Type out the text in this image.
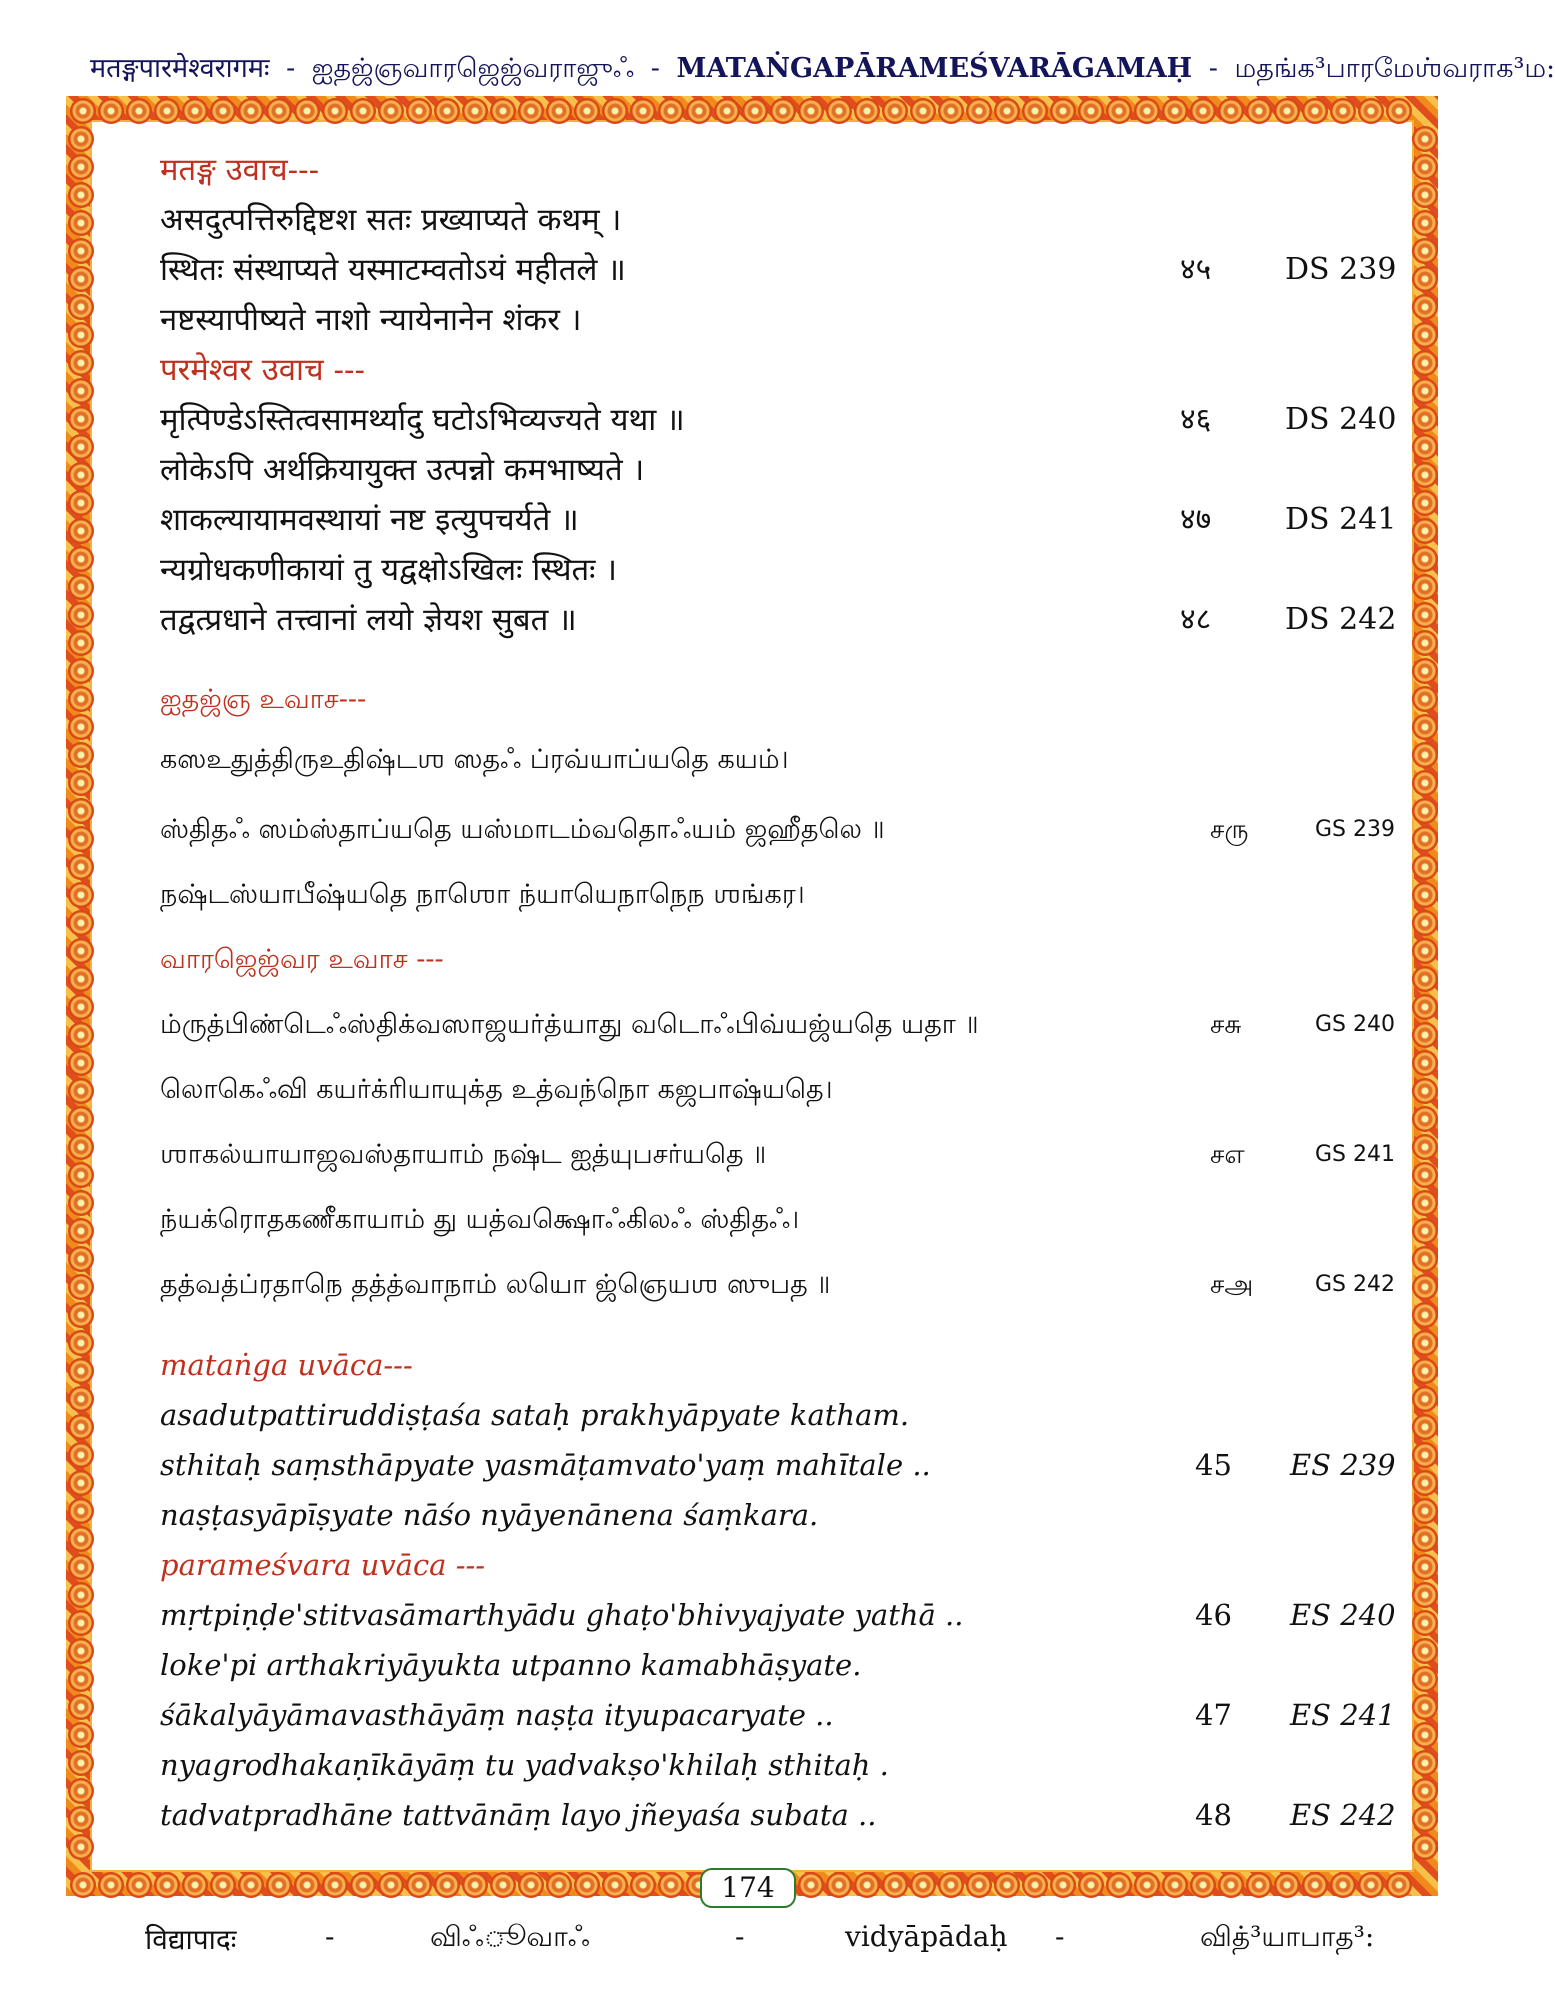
मतङ्गपारमेश्वरागमः - ஐதஜ்ஞவாரஜெஜ்வராஜுஃ - MATAṄGAPĀRAMEŚVARĀGAMAḤ - மதங்க³பாரமேஶ்வராக³ம:
मतङ्ग उवाच---
असदुत्पत्तिरुद्दिष्टश सतः प्रख्याप्यते कथम् ।
स्थितः संस्थाप्यते यस्माटम्वतोऽयं महीतले ॥	४५ DS 239
नष्टस्यापीष्यते नाशो न्यायेनानेन शंकर ।
परमेश्वर उवाच ---
मृत्पिण्डेऽस्तित्वसामर्थ्यादु घटोऽभिव्यज्यते यथा ॥	४६ DS 240
लोकेऽपि अर्थक्रियायुक्त उत्पन्नो कमभाष्यते ।
शाकल्यायामवस्थायां नष्ट इत्युपचर्यते ॥	४७ DS 241
न्यग्रोधकणीकायां तु यद्वक्षोऽखिलः स्थितः ।
तद्वत्प्रधाने तत्त्वानां लयो ज्ञेयश सुबत ॥	४८ DS 242
ஐதஜ்ஞ உவாச---
கஸஉதுத்திருஉதிஷ்டஶ ஸதஃ ப்ரவ்யாப்யதெ கயம்।
ஸ்திதஃ ஸம்ஸ்தாப்யதெ யஸ்மாடம்வதொஃயம் ஜஹீதலெ ॥	சரு	GS 239
நஷ்டஸ்யாபீஷ்யதெ நாஶொ ந்யாயெநாநெந ஶங்கர।
வாரஜெஜ்வர உவாச ---
ம்ருத்பிண்டெஃஸ்திக்வஸாஜயர்த்யாது வடொஃபிவ்யஜ்யதெ யதா ॥	சசு	GS 240
லொகெஃவி கயர்க்ரியாயுக்த உத்வந்நொ கஜபாஷ்யதெ।
ஶாகல்யாயாஜவஸ்தாயாம் நஷ்ட ஐத்யுபசர்யதெ ॥	சஎ	GS 241
ந்யக்ரொதகணீகாயாம் து யத்வக்ஷொஃகிலஃ ஸ்திதஃ।
தத்வத்ப்ரதாநெ தத்த்வாநாம் லயொ ஜ்ஞெயஶ ஸுபத ॥	சஅ	GS 242
mataṅga uvāca---
asadutpattiruddiṣṭaśa sataḥ prakhyāpyate katham.
sthitaḥ saṃsthāpyate yasmāṭamvato'yaṃ mahītale ..	45 ES 239
naṣṭasyāpīṣyate nāśo nyāyenānena śaṃkara.
parameśvara uvāca ---
mṛtpiṇḍe'stitvasāmarthyādu ghaṭo'bhivyajyate yathā ..	46 ES 240
loke'pi arthakriyāyukta utpanno kamabhāṣyate.
śākalyāyāmavasthāyāṃ naṣṭa ityupacaryate ..	47 ES 241
nyagrodhakaṇīkāyāṃ tu yadvakṣo'khilaḥ sthitaḥ .
tadvatpradhāne tattvānāṃ layo jñeyaśa subata ..	48 ES 242
174
विद्यापादः	-	விஃூவாஃ	-	vidyāpādaḥ -	வித்³யாபாத³:
